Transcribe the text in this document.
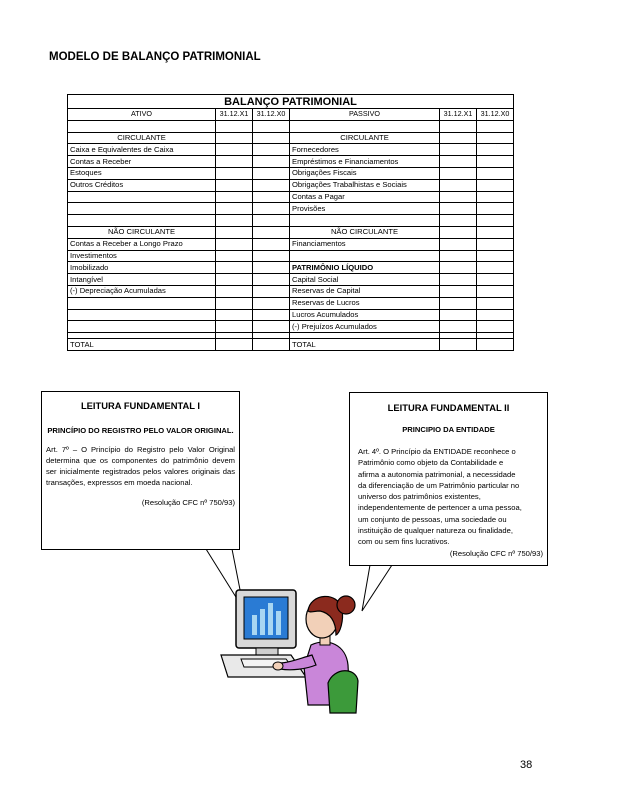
MODELO DE BALANÇO PATRIMONIAL
BALANÇO PATRIMONIAL					
ATIVO	31.12.X1	31.12.X0	PASSIVO	31.12.X1	31.12.X0

CIRCULANTE			CIRCULANTE		
Caixa e Equivalentes de Caixa			Fornecedores		
Contas a Receber			Empréstimos e Financiamentos		
Estoques			Obrigações Fiscais		
Outros Créditos			Obrigações Trabalhistas e Sociais		
			Contas a Pagar		
			Provisões		

NÃO CIRCULANTE			NÃO CIRCULANTE		
Contas a Receber a Longo Prazo			Financiamentos		
Investimentos					
Imobilizado			PATRIMÔNIO LÍQUIDO		
Intangível			Capital Social		
(-) Depreciação Acumuladas			Reservas de Capital		
			Reservas de Lucros		
			Lucros Acumulados		
			(-) Prejuízos Acumulados		

TOTAL			TOTAL		
LEITURA FUNDAMENTAL I
PRINCÍPIO DO REGISTRO PELO VALOR ORIGINAL.

Art. 7º – O Princípio do Registro pelo Valor Original determina que os componentes do patrimônio devem ser inicialmente registrados pelos valores originais das transações, expressos em moeda nacional.

(Resolução CFC nº 750/93)

LEITURA FUNDAMENTAL II
PRINCIPIO DA ENTIDADE

Art. 4º. O Princípio da ENTIDADE reconhece o
Patrimônio como objeto da Contabilidade e
afirma a autonomia patrimonial, a necessidade
da diferenciação de um Patrimônio particular no
universo dos patrimônios existentes,
independentemente de pertencer a uma pessoa,
um conjunto de pessoas, uma sociedade ou
instituição de qualquer natureza ou finalidade,
com ou sem fins lucrativos.

(Resolução CFC nº 750/93)

38
